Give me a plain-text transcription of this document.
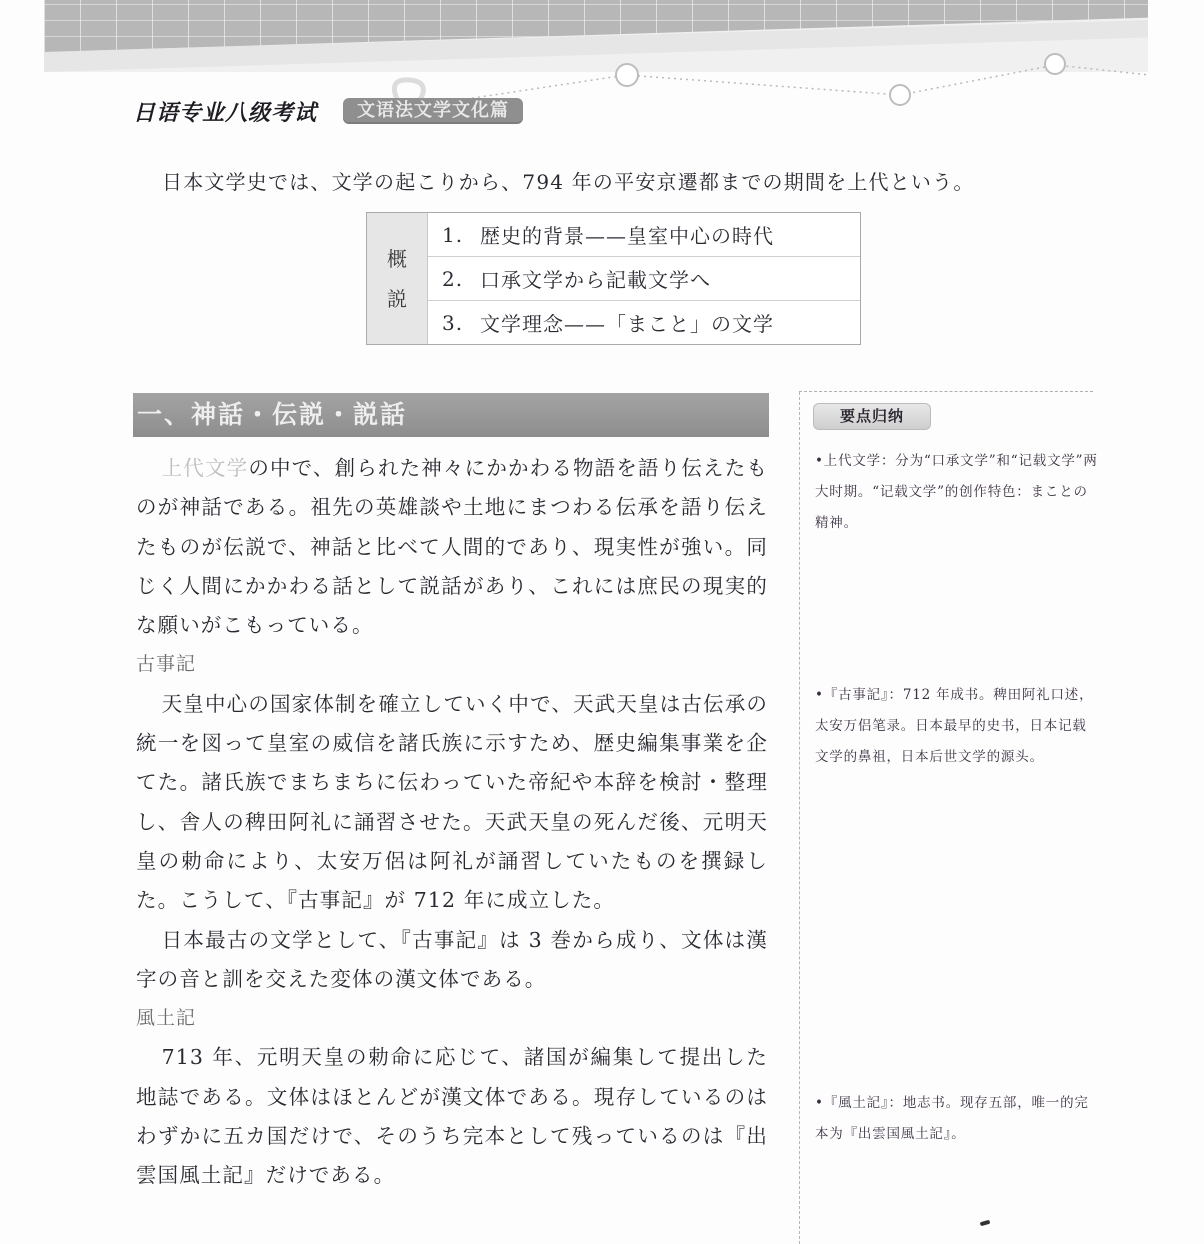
日语专业八级考试	文语法文学文化篇
日本文学史では、文学の起こりから、794 年の平安京遷都までの期間を上代という。
概
説
1. 歴史的背景——皇室中心の時代
2. 口承文学から記載文学へ
3. 文学理念——「まこと」の文学
一、神話・伝説・説話

上代文学の中で、創られた神々にかかわる物語を語り伝えたものが神話である。祖先の英雄談や土地にまつわる伝承を語り伝えたものが伝説で、神話と比べて人間的であり、現実性が強い。同じく人間にかかわる話として説話があり、これには庶民の現実的な願いがこもっている。

古事記

天皇中心の国家体制を確立していく中で、天武天皇は古伝承の統一を図って皇室の威信を諸氏族に示すため、歴史編集事業を企てた。諸氏族でまちまちに伝わっていた帝紀や本辞を検討・整理し、舎人の稗田阿礼に誦習させた。天武天皇の死んだ後、元明天皇の勅命により、太安万侶は阿礼が誦習していたものを撰録した。こうして、『古事記』が 712 年に成立した。

日本最古の文学として、『古事記』は 3 巻から成り、文体は漢字の音と訓を交えた変体の漢文体である。

風土記

713 年、元明天皇の勅命に応じて、諸国が編集して提出した地誌である。文体はほとんどが漢文体である。現存しているのはわずかに五カ国だけで、そのうち完本として残っているのは『出雲国風土記』だけである。

要点归纳
•上代文学：分为“口承文学”和“记载文学”两大时期。“记载文学”的创作特色：まことの精神。
•『古事記』：712 年成书。稗田阿礼口述，太安万侣笔录。日本最早的史书，日本记载文学的鼻祖，日本后世文学的源头。
•『風土記』：地志书。现存五部，唯一的完本为『出雲国風土記』。
